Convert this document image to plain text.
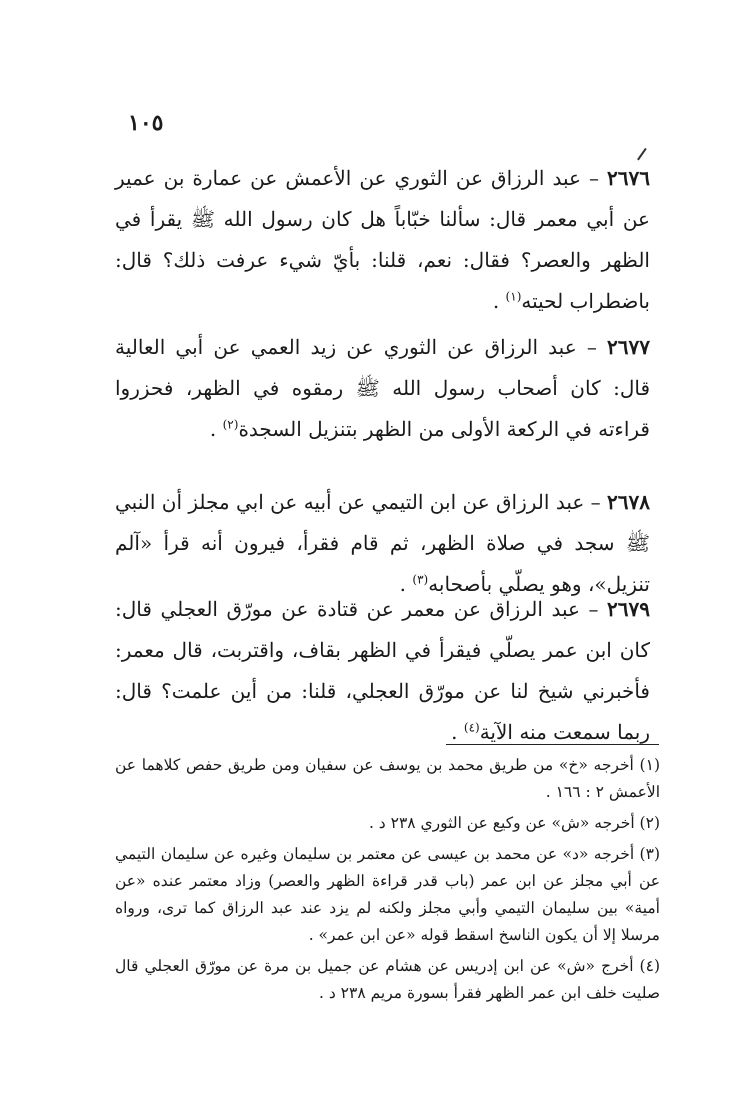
١٠٥
٢٦٧٦ – عبد الرزاق عن الثوري عن الأعمش عن عمارة بن عمير عن أبي معمر قال: سألنا خبّاباً هل كان رسول الله ﷺ يقرأ في الظهر والعصر؟ فقال: نعم، قلنا: بأيّ شيء عرفت ذلك؟ قال: باضطراب لحيته$^{(١)}$ .
٢٦٧٧ – عبد الرزاق عن الثوري عن زيد العمي عن أبي العالية قال: كان أصحاب رسول الله ﷺ رمقوه في الظهر، فحزروا قراءته في الركعة الأولى من الظهر بتنزيل السجدة$^{(٢)}$ .
٢٦٧٨ – عبد الرزاق عن ابن التيمي عن أبيه عن ابي مجلز أن النبي ﷺ سجد في صلاة الظهر، ثم قام فقرأ، فيرون أنه قرأ «آلم تنزيل»، وهو يصلّي بأصحابه$^{(٣)}$ .
٢٦٧٩ – عبد الرزاق عن معمر عن قتادة عن مورّق العجلي قال: كان ابن عمر يصلّي فيقرأ في الظهر بقاف، واقتربت، قال معمر: فأخبرني شيخ لنا عن مورّق العجلي، قلنا: من أين علمت؟ قال: ربما سمعت منه الآية$^{(٤)}$ .

(١) أخرجه «خ» من طريق محمد بن يوسف عن سفيان ومن طريق حفص كلاهما عن الأعمش ٢ : ١٦٦ .

(٢) أخرجه «ش» عن وكيع عن الثوري ٢٣٨ د .

(٣) أخرجه «د» عن محمد بن عيسى عن معتمر بن سليمان وغيره عن سليمان التيمي عن أبي مجلز عن ابن عمر (باب قدر قراءة الظهر والعصر) وزاد معتمر عنده «عن أمية» بين سليمان التيمي وأبي مجلز ولكنه لم يزد عند عبد الرزاق كما ترى، ورواه مرسلا إلا أن يكون الناسخ اسقط قوله «عن ابن عمر» .

(٤) أخرج «ش» عن ابن إدريس عن هشام عن جميل بن مرة عن مورّق العجلي قال صليت خلف ابن عمر الظهر فقرأ بسورة مريم ٢٣٨ د .
